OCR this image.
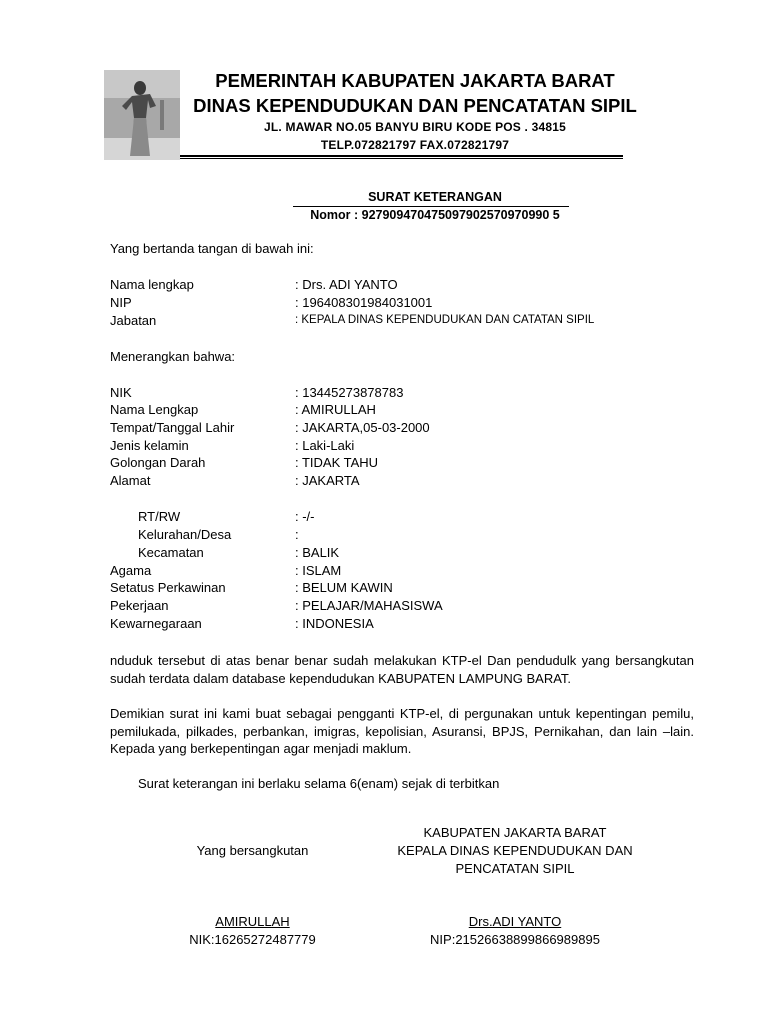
PEMERINTAH KABUPATEN JAKARTA BARAT
DINAS KEPENDUDUKAN DAN PENCATATAN SIPIL
JL. MAWAR NO.05 BANYU BIRU KODE POS . 34815
TELP.072821797 FAX.072821797
SURAT KETERANGAN
Nomor : 927909470475097902570970990 5
Yang bertanda tangan di bawah ini:
Nama lengkap	: Drs. ADI YANTO
NIP	: 196408301984031001
Jabatan	: KEPALA DINAS KEPENDUDUKAN DAN CATATAN SIPIL
Menerangkan bahwa:
NIK	: 13445273878783
Nama Lengkap	: AMIRULLAH
Tempat/Tanggal Lahir	: JAKARTA,05-03-2000
Jenis kelamin	: Laki-Laki
Golongan Darah	: TIDAK TAHU
Alamat	: JAKARTA
RT/RW	: -/-
Kelurahan/Desa	:
Kecamatan	: BALIK
Agama	: ISLAM
Setatus Perkawinan	: BELUM KAWIN
Pekerjaan	: PELAJAR/MAHASISWA
Kewarnegaraan	: INDONESIA
nduduk tersebut di atas benar benar sudah melakukan KTP-el Dan pendudulk yang bersangkutan sudah terdata dalam database kependudukan KABUPATEN LAMPUNG BARAT.
Demikian surat ini kami buat sebagai pengganti KTP-el, di pergunakan untuk kepentingan pemilu, pemilukada, pilkades, perbankan, imigras, kepolisian, Asuransi, BPJS, Pernikahan, dan lain –lain. Kepada yang berkepentingan agar menjadi maklum.
Surat keterangan ini berlaku selama 6(enam) sejak di terbitkan
Yang bersangkutan
KABUPATEN JAKARTA BARAT
KEPALA DINAS KEPENDUDUKAN DAN
PENCATATAN SIPIL
AMIRULLAH
NIK:16265272487779
Drs.ADI YANTO
NIP:21526638899866989895
